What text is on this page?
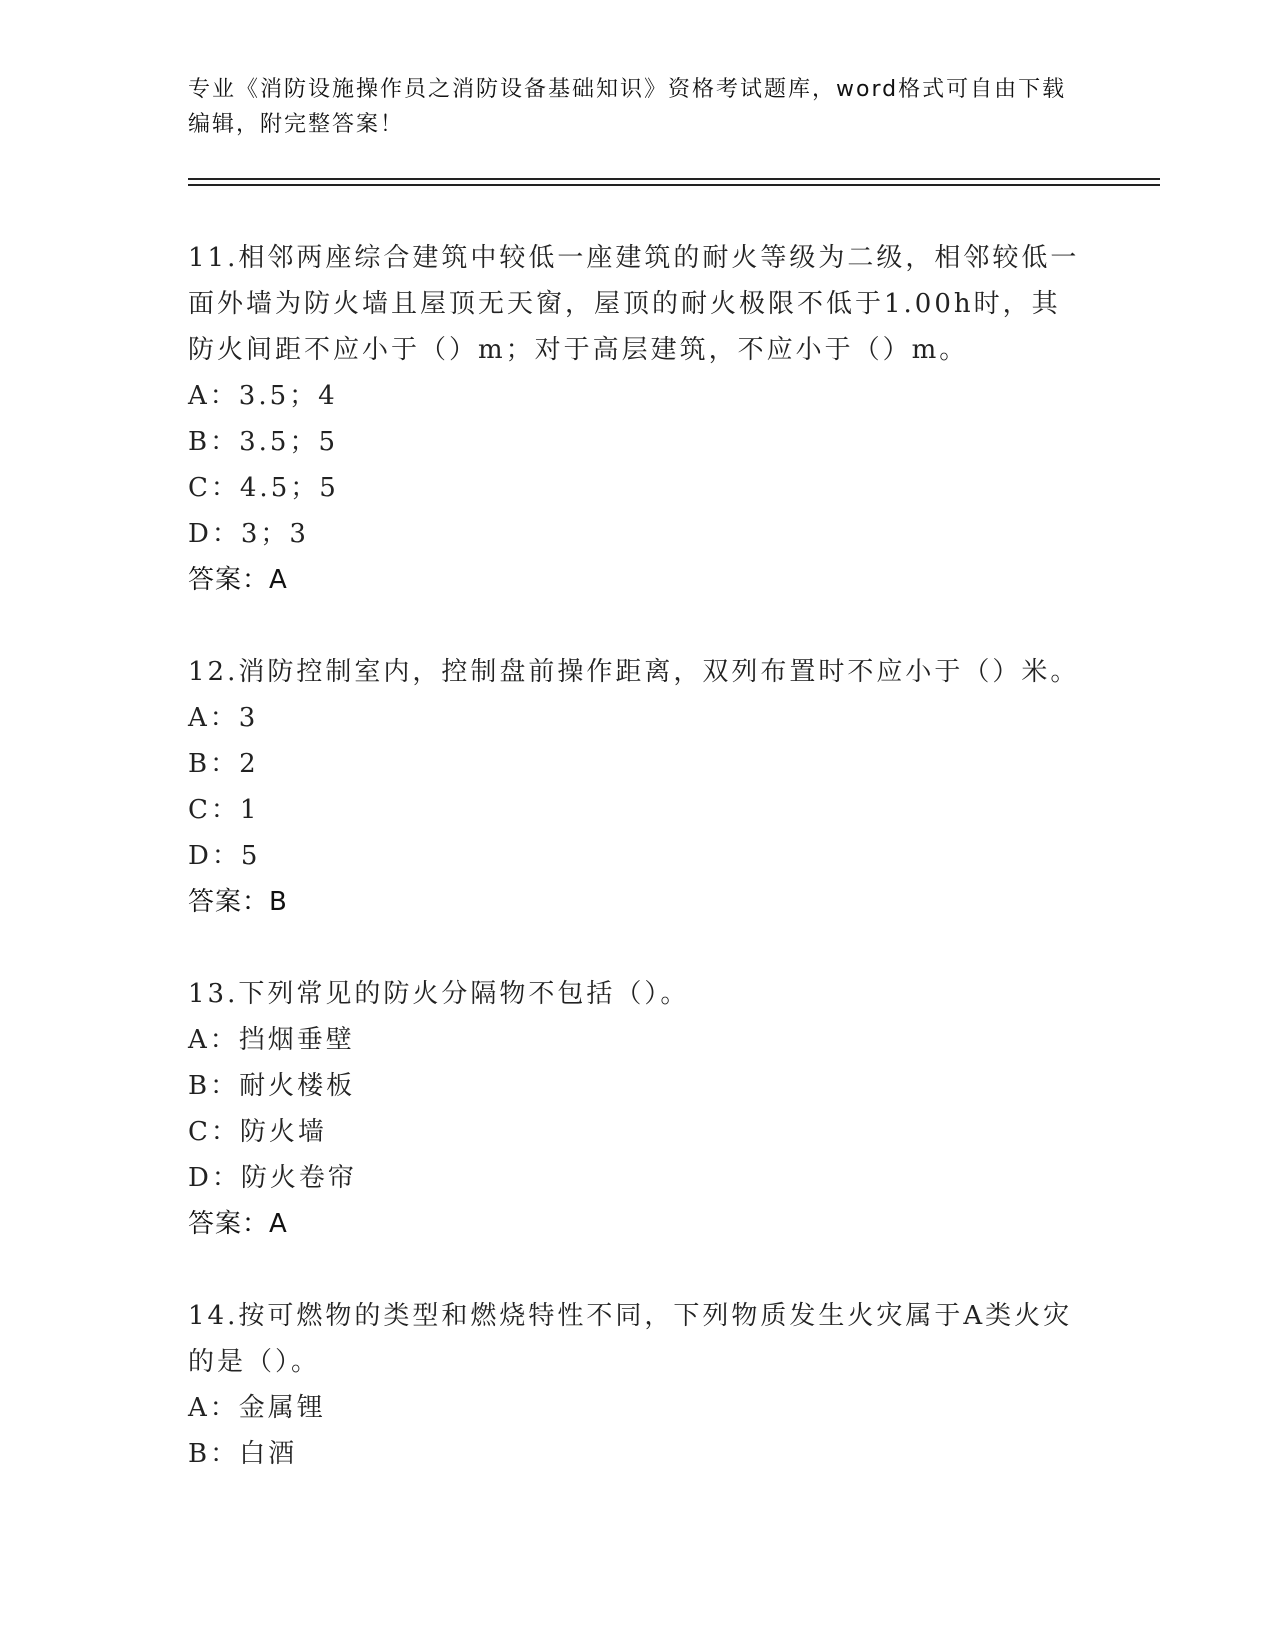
专业《消防设施操作员之消防设备基础知识》资格考试题库，word格式可自由下载编辑，附完整答案！
11.相邻两座综合建筑中较低一座建筑的耐火等级为二级，相邻较低一面外墙为防火墙且屋顶无天窗，屋顶的耐火极限不低于1.00h时，其防火间距不应小于（）m；对于高层建筑，不应小于（）m。
A：3.5；4
B：3.5；5
C：4.5；5
D：3；3
答案：A
12.消防控制室内，控制盘前操作距离，双列布置时不应小于（）米。
A：3
B：2
C：1
D：5
答案：B
13.下列常见的防火分隔物不包括（）。
A：挡烟垂壁
B：耐火楼板
C：防火墙
D：防火卷帘
答案：A
14.按可燃物的类型和燃烧特性不同，下列物质发生火灾属于A类火灾的是（）。
A：金属锂
B：白酒
